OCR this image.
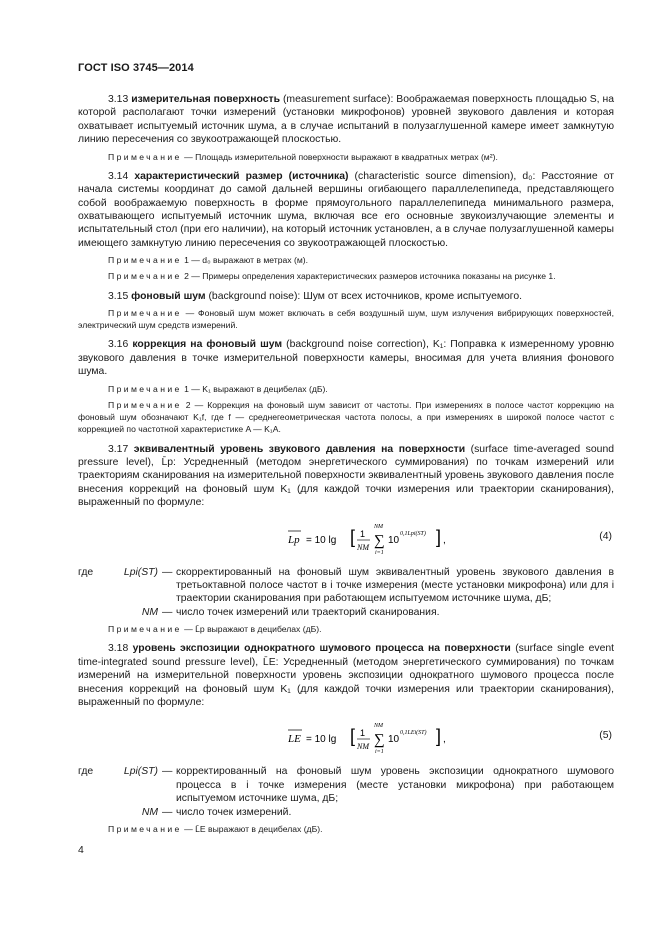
ГОСТ ISO 3745—2014

3.13 измерительная поверхность (measurement surface): Воображаемая поверхность площадью S, на которой располагают точки измерений (установки микрофонов) уровней звукового давления и которая охватывает испытуемый источник шума, а в случае испытаний в полузаглушенной камере имеет замкнутую линию пересечения со звукоотражающей плоскостью.

Примечание — Площадь измерительной поверхности выражают в квадратных метрах (м²).

3.14 характеристический размер (источника) (characteristic source dimension), d₀: Расстояние от начала системы координат до самой дальней вершины огибающего параллелепипеда, представляющего собой воображаемую поверхность в форме прямоугольного параллелепипеда минимального размера, охватывающего испытуемый источник шума, включая все его основные звукоизлучающие элементы и испытательный стол (при его наличии), на который источник установлен, а в случае полузаглушенной камеры имеющего замкнутую линию пересечения со звукоотражающей плоскостью.

Примечание 1 — d₀ выражают в метрах (м).

Примечание 2 — Примеры определения характеристических размеров источника показаны на рисунке 1.

3.15 фоновый шум (background noise): Шум от всех источников, кроме испытуемого.

Примечание — Фоновый шум может включать в себя воздушный шум, шум излучения вибрирующих поверхностей, электрический шум средств измерений.

3.16 коррекция на фоновый шум (background noise correction), K₁: Поправка к измеренному уровню звукового давления в точке измерительной поверхности камеры, вносимая для учета влияния фонового шума.

Примечание 1 — K₁ выражают в децибелах (дБ).

Примечание 2 — Коррекция на фоновый шум зависит от частоты. При измерениях в полосе частот коррекцию на фоновый шум обозначают K₁f, где f — среднегеометрическая частота полосы, а при измерениях в широкой полосе частот с коррекцией по частотной характеристике A — K₁A.

3.17 эквивалентный уровень звукового давления на поверхности (surface time-averaged sound pressure level), L̄p: Усредненный (методом энергетического суммирования) по точкам измерений или траекториям сканирования на измерительной поверхности эквивалентный уровень звукового давления после внесения коррекций на фоновый шум K₁ (для каждой точки измерения или траектории сканирования), выраженный по формуле:

Lp = 10 lg [ 1
NM
NM
∑
i=1
10
0,1Lpi(ST) ] ,	(4)
где	Lpi(ST)	—	скорректированный на фоновый шум эквивалентный уровень звукового давления в третьоктавной полосе частот в i точке измерения (месте установки микрофона) или для i траектории сканирования при работающем испытуемом источнике шума, дБ;
	NM	—	число точек измерений или траекторий сканирования.

Примечание — L̄p выражают в децибелах (дБ).

3.18 уровень экспозиции однократного шумового процесса на поверхности (surface single event time-integrated sound pressure level), L̄E: Усредненный (методом энергетического суммирования) по точкам измерений на измерительной поверхности уровень экспозиции однократного шумового процесса после внесения коррекций на фоновый шум K₁ (для каждой точки измерения или траектории сканирования), выраженный по формуле:

LE = 10 lg [ 1
NM
NM
∑
i=1
10
0,1LEi(ST) ] ,	(5)
где	Lpi(ST)	—	корректированный на фоновый шум уровень экспозиции однократного шумового процесса в i точке измерения (месте установки микрофона) при работающем испытуемом источнике шума, дБ;
	NM	—	число точек измерений.

Примечание — L̄E выражают в децибелах (дБ).

4
